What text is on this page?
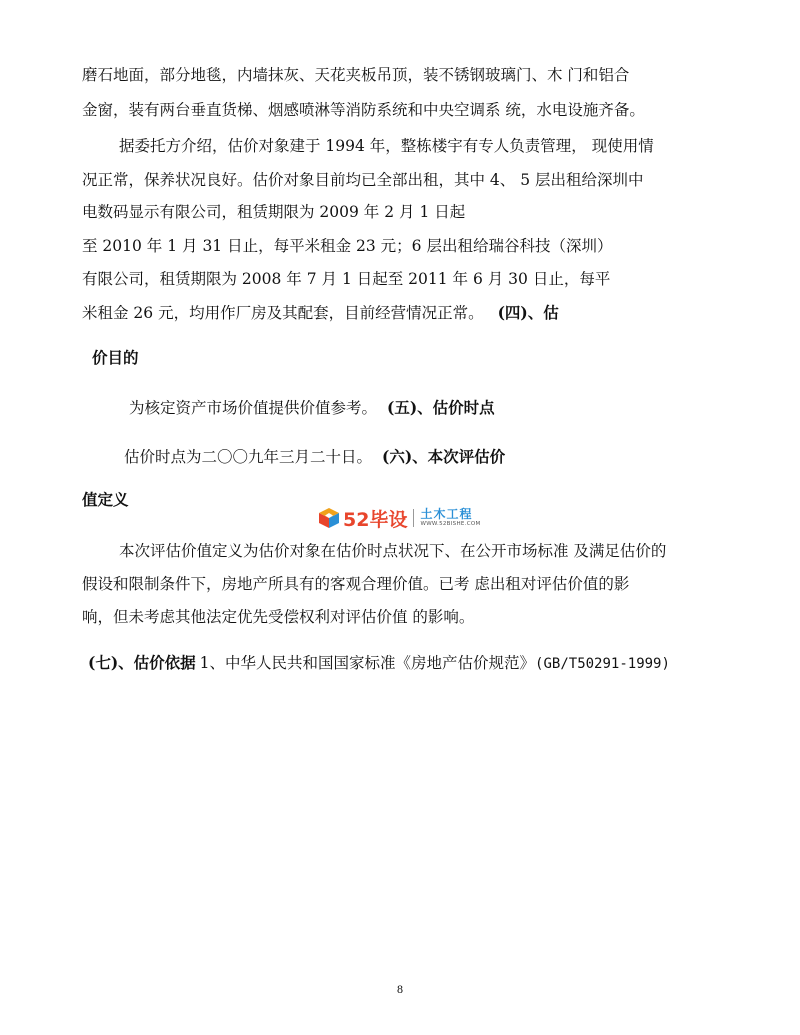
磨石地面，部分地毯，内墙抹灰、天花夹板吊顶，装不锈钢玻璃门、木 门和铝合
金窗，装有两台垂直货梯、烟感喷淋等消防系统和中央空调系 统，水电设施齐备。
据委托方介绍，估价对象建于 1994 年，整栋楼宇有专人负责管理， 现使用情
况正常，保养状况良好。估价对象目前均已全部出租，其中 4、 5 层出租给深圳中
电数码显示有限公司，租赁期限为 2009 年 2 月 1 日起
至 2010 年 1 月 31 日止，每平米租金 23 元；6 层出租给瑞谷科技（深圳）
有限公司，租赁期限为 2008 年 7 月 1 日起至 2011 年 6 月 30 日止，每平
米租金 26 元，均用作厂房及其配套，目前经营情况正常。 (四)、估
价目的
为核定资产市场价值提供价值参考。 (五)、估价时点
估价时点为二〇〇九年三月二十日。 (六)、本次评估价
值定义
52毕设 土木工程
WWW.52BISHE.COM
本次评估价值定义为估价对象在估价时点状况下、在公开市场标准 及满足估价的
假设和限制条件下，房地产所具有的客观合理价值。已考 虑出租对评估价值的影
响，但未考虑其他法定优先受偿权利对评估价值 的影响。
(七)、估价依据 1、中华人民共和国国家标准《房地产估价规范》(GB/T50291-1999)
8
